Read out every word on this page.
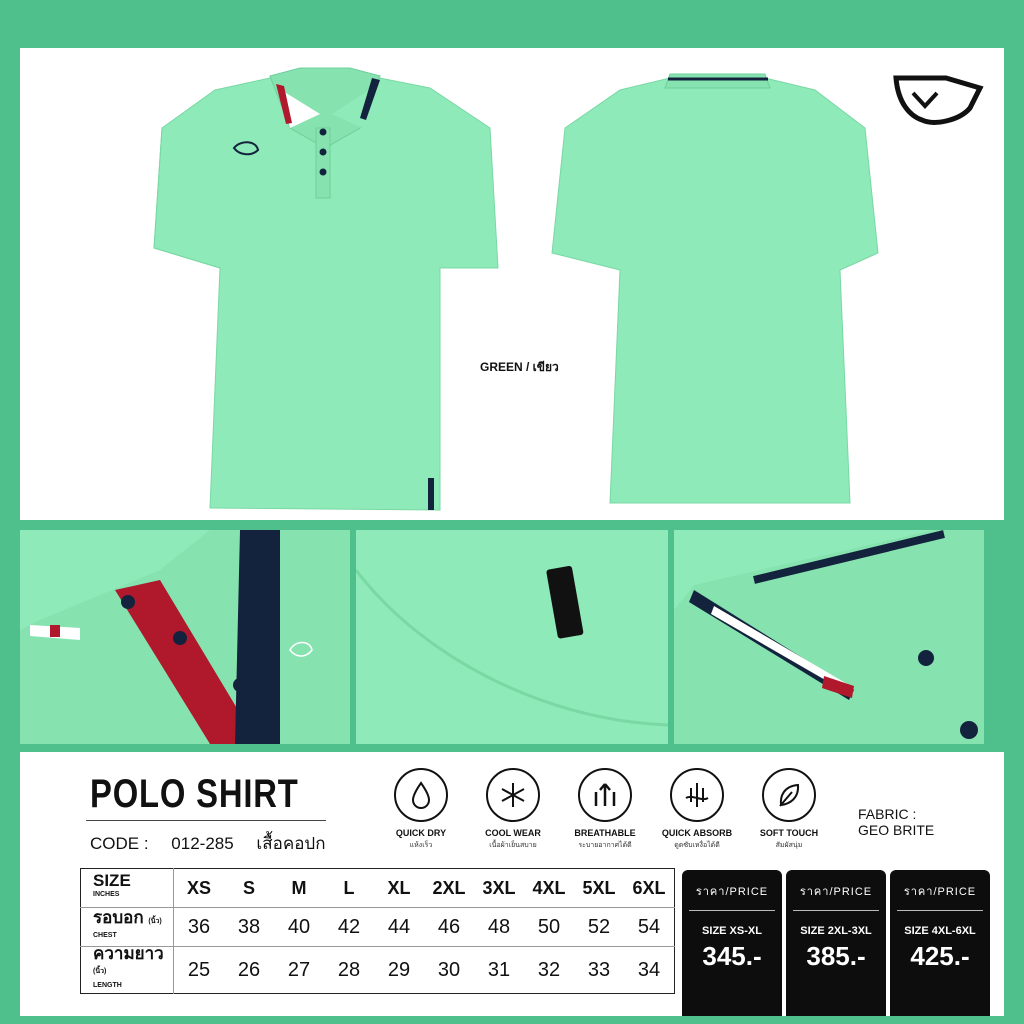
GREEN / เขียว
POLO SHIRT
CODE : 012-285 เสื้อคอปก
QUICK DRY
แห้งเร็ว
COOL WEAR
เนื้อผ้าเย็นสบาย
BREATHABLE
ระบายอากาศได้ดี
QUICK ABSORB
ดูดซับเหงื่อได้ดี
SOFT TOUCH
สัมผัสนุ่ม
FABRIC :
GEO BRITE
SIZE
INCHES	XS	S	M	L	XL	2XL	3XL	4XL	5XL	6XL
รอบอก (นิ้ว)
CHEST	36	38	40	42	44	46	48	50	52	54
ความยาว (นิ้ว)
LENGTH	25	26	27	28	29	30	31	32	33	34
ราคา/PRICE
SIZE XS-XL
345.-
ราคา/PRICE
SIZE 2XL-3XL
385.-
ราคา/PRICE
SIZE 4XL-6XL
425.-
